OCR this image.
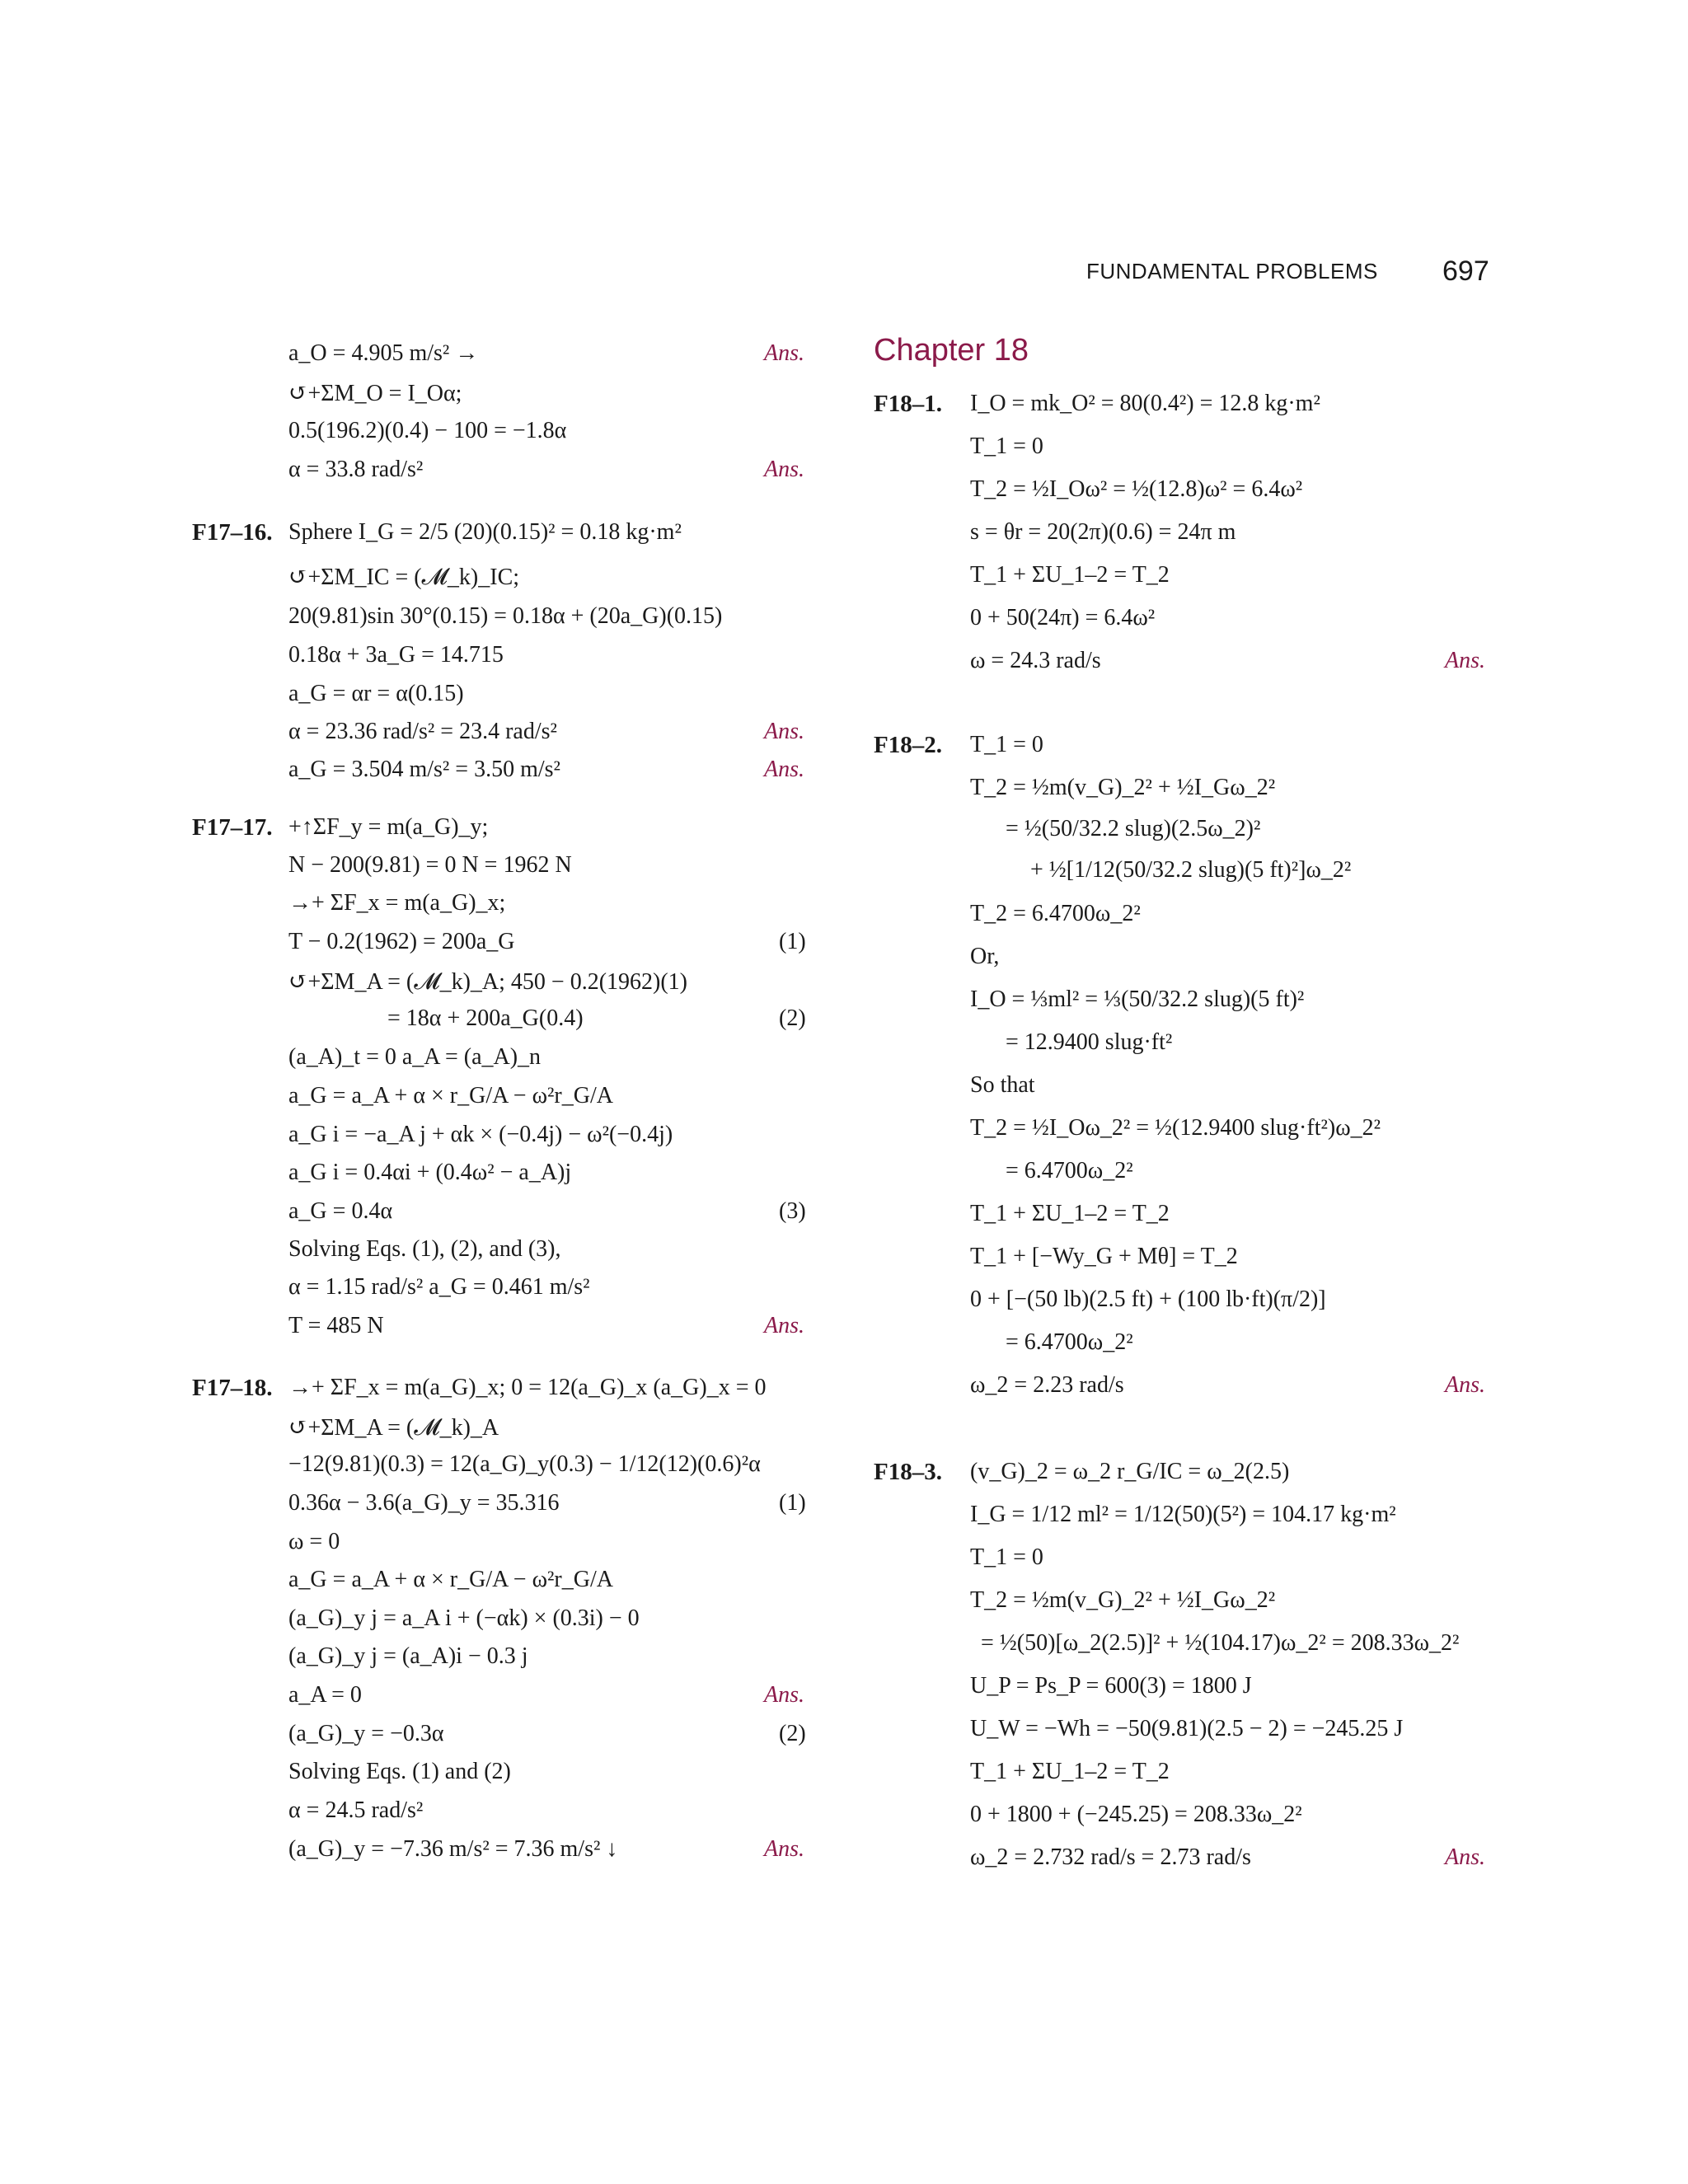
FUNDAMENTAL PROBLEMS 697
Chapter 18
a_O = 4.905 m/s² →	Ans.
↺+ΣM_O = I_Oα;
0.5(196.2)(0.4) − 100 = −1.8α
α = 33.8 rad/s²	Ans.
F17–16. Sphere I_G = 2/5 (20)(0.15)² = 0.18 kg·m²
↺+ΣM_IC = (𝓜_k)_IC;
20(9.81)sin 30°(0.15) = 0.18α + (20a_G)(0.15)
0.18α + 3a_G = 14.715
a_G = αr = α(0.15)
α = 23.36 rad/s² = 23.4 rad/s²	Ans.
a_G = 3.504 m/s² = 3.50 m/s²	Ans.
F17–17. +↑ΣF_y = m(a_G)_y;
N − 200(9.81) = 0 N = 1962 N
→+ ΣF_x = m(a_G)_x;
T − 0.2(1962) = 200a_G	(1)
↺+ΣM_A = (𝓜_k)_A; 450 − 0.2(1962)(1)
= 18α + 200a_G(0.4)	(2)
(a_A)_t = 0 a_A = (a_A)_n
a_G = a_A + α × r_G/A − ω²r_G/A
a_G i = −a_A j + αk × (−0.4j) − ω²(−0.4j)
a_G i = 0.4αi + (0.4ω² − a_A)j
a_G = 0.4α	(3)
Solving Eqs. (1), (2), and (3),
α = 1.15 rad/s² a_G = 0.461 m/s²
T = 485 N	Ans.
F17–18. →+ ΣF_x = m(a_G)_x; 0 = 12(a_G)_x (a_G)_x = 0
↺+ΣM_A = (𝓜_k)_A
−12(9.81)(0.3) = 12(a_G)_y(0.3) − 1/12(12)(0.6)²α
0.36α − 3.6(a_G)_y = 35.316	(1)
ω = 0
a_G = a_A + α × r_G/A − ω²r_G/A
(a_G)_y j = a_A i + (−αk) × (0.3i) − 0
(a_G)_y j = (a_A)i − 0.3 j
a_A = 0	Ans.
(a_G)_y = −0.3α	(2)
Solving Eqs. (1) and (2)
α = 24.5 rad/s²
(a_G)_y = −7.36 m/s² = 7.36 m/s² ↓	Ans.
F18–1. I_O = mk_O² = 80(0.4²) = 12.8 kg·m²
T_1 = 0
T_2 = ½I_Oω² = ½(12.8)ω² = 6.4ω²
s = θr = 20(2π)(0.6) = 24π m
T_1 + ΣU_1–2 = T_2
0 + 50(24π) = 6.4ω²
ω = 24.3 rad/s	Ans.
F18–2. T_1 = 0
T_2 = ½m(v_G)_2² + ½I_Gω_2²
= ½(50/32.2 slug)(2.5ω_2)²
+ ½[1/12(50/32.2 slug)(5 ft)²]ω_2²
T_2 = 6.4700ω_2²
Or,
I_O = ⅓ml² = ⅓(50/32.2 slug)(5 ft)²
= 12.9400 slug·ft²
So that
T_2 = ½I_Oω_2² = ½(12.9400 slug·ft²)ω_2²
= 6.4700ω_2²
T_1 + ΣU_1–2 = T_2
T_1 + [−Wy_G + Mθ] = T_2
0 + [−(50 lb)(2.5 ft) + (100 lb·ft)(π/2)]
= 6.4700ω_2²
ω_2 = 2.23 rad/s	Ans.
F18–3. (v_G)_2 = ω_2 r_G/IC = ω_2(2.5)
I_G = 1/12 ml² = 1/12(50)(5²) = 104.17 kg·m²
T_1 = 0
T_2 = ½m(v_G)_2² + ½I_Gω_2²
= ½(50)[ω_2(2.5)]² + ½(104.17)ω_2² = 208.33ω_2²
U_P = Ps_P = 600(3) = 1800 J
U_W = −Wh = −50(9.81)(2.5 − 2) = −245.25 J
T_1 + ΣU_1–2 = T_2
0 + 1800 + (−245.25) = 208.33ω_2²
ω_2 = 2.732 rad/s = 2.73 rad/s	Ans.
